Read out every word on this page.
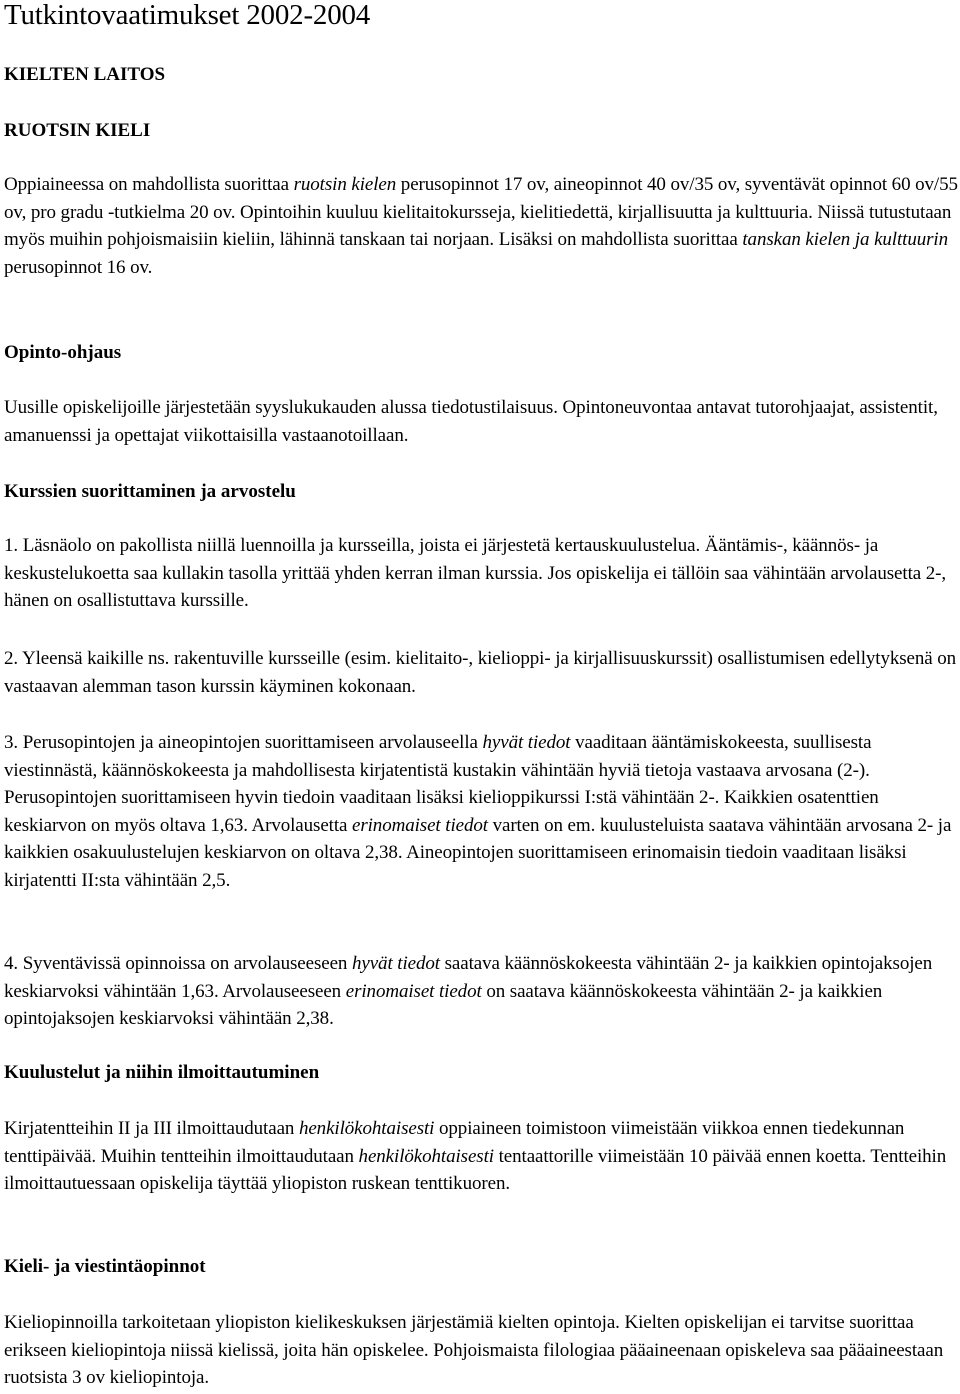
Tutkintovaatimukset 2002-2004
KIELTEN LAITOS
RUOTSIN KIELI

Oppiaineessa on mahdollista suorittaa ruotsin kielen perusopinnot 17 ov, aineopinnot 40 ov/35 ov, syventävät opinnot 60 ov/55 ov, pro gradu -tutkielma 20 ov. Opintoihin kuuluu kielitaitokursseja, kielitiedettä, kirjallisuutta ja kulttuuria. Niissä tutustutaan myös muihin pohjoismaisiin kieliin, lähinnä tanskaan tai norjaan. Lisäksi on mahdollista suorittaa tanskan kielen ja kulttuurin perusopinnot 16 ov.

Opinto-ohjaus

Uusille opiskelijoille järjestetään syyslukukauden alussa tiedotustilaisuus. Opintoneuvontaa antavat tutorohjaajat, assistentit, amanuenssi ja opettajat viikottaisilla vastaanotoillaan.

Kurssien suorittaminen ja arvostelu

1. Läsnäolo on pakollista niillä luennoilla ja kursseilla, joista ei järjestetä kertauskuulustelua. Ääntämis-, käännös- ja keskustelukoetta saa kullakin tasolla yrittää yhden kerran ilman kurssia. Jos opiskelija ei tällöin saa vähintään arvolausetta 2-, hänen on osallistuttava kurssille.

2. Yleensä kaikille ns. rakentuville kursseille (esim. kielitaito-, kielioppi- ja kirjallisuuskurssit) osallistumisen edellytyksenä on vastaavan alemman tason kurssin käyminen kokonaan.

3. Perusopintojen ja aineopintojen suorittamiseen arvolauseella hyvät tiedot vaaditaan ääntämiskokeesta, suullisesta viestinnästä, käännöskokeesta ja mahdollisesta kirjatentistä kustakin vähintään hyviä tietoja vastaava arvosana (2-). Perusopintojen suorittamiseen hyvin tiedoin vaaditaan lisäksi kielioppikurssi I:stä vähintään 2-. Kaikkien osatenttien keskiarvon on myös oltava 1,63. Arvolausetta erinomaiset tiedot varten on em. kuulusteluista saatava vähintään arvosana 2- ja kaikkien osakuulustelujen keskiarvon on oltava 2,38. Aineopintojen suorittamiseen erinomaisin tiedoin vaaditaan lisäksi kirjatentti II:sta vähintään 2,5.

4. Syventävissä opinnoissa on arvolauseeseen hyvät tiedot saatava käännöskokeesta vähintään 2- ja kaikkien opintojaksojen keskiarvoksi vähintään 1,63. Arvolauseeseen erinomaiset tiedot on saatava käännöskokeesta vähintään 2- ja kaikkien opintojaksojen keskiarvoksi vähintään 2,38.

Kuulustelut ja niihin ilmoittautuminen

Kirjatentteihin II ja III ilmoittaudutaan henkilökohtaisesti oppiaineen toimistoon viimeistään viikkoa ennen tiedekunnan tenttipäivää. Muihin tentteihin ilmoittaudutaan henkilökohtaisesti tentaattorille viimeistään 10 päivää ennen koetta. Tentteihin ilmoittautuessaan opiskelija täyttää yliopiston ruskean tenttikuoren.

Kieli- ja viestintäopinnot

Kieliopinnoilla tarkoitetaan yliopiston kielikeskuksen järjestämiä kielten opintoja. Kielten opiskelijan ei tarvitse suorittaa erikseen kieliopintoja niissä kielissä, joita hän opiskelee. Pohjoismaista filologiaa pääaineenaan opiskeleva saa pääaineestaan ruotsista 3 ov kieliopintoja.
